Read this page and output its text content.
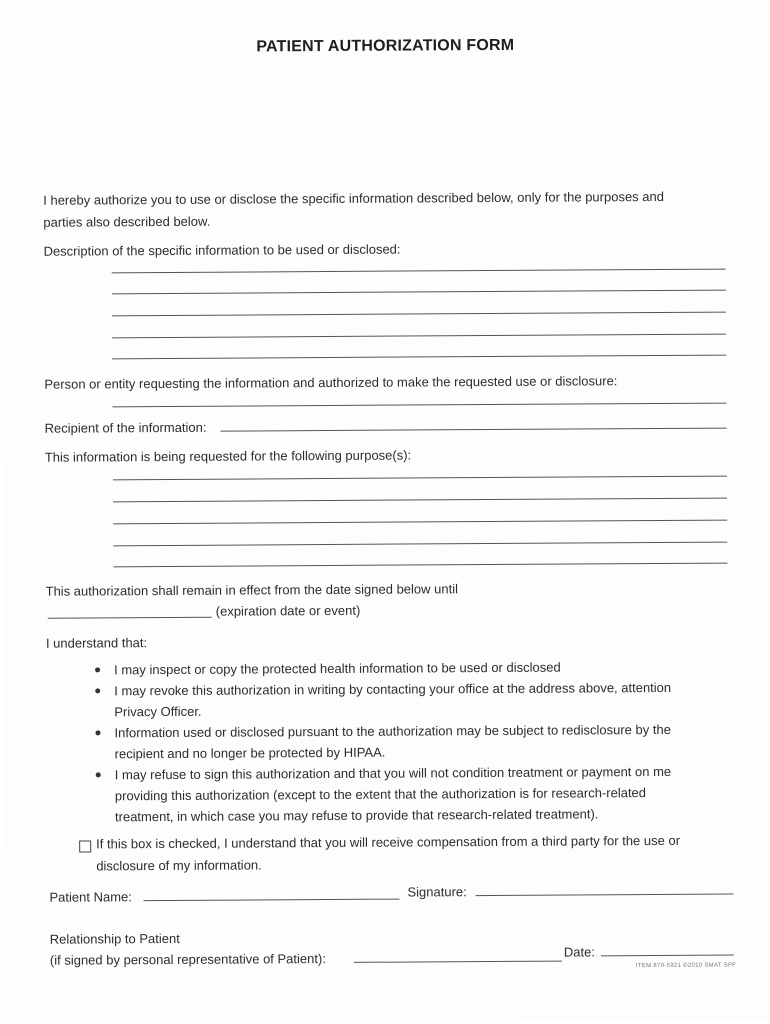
PATIENT AUTHORIZATION FORM
I hereby authorize you to use or disclose the specific information described below, only for the purposes and
parties also described below.
Description of the specific information to be used or disclosed:
Person or entity requesting the information and authorized to make the requested use or disclosure:
Recipient of the information:
This information is being requested for the following purpose(s):
This authorization shall remain in effect from the date signed below until
(expiration date or event)
I understand that:
I may inspect or copy the protected health information to be used or disclosed
I may revoke this authorization in writing by contacting your office at the address above, attention
Privacy Officer.
Information used or disclosed pursuant to the authorization may be subject to redisclosure by the
recipient and no longer be protected by HIPAA.
I may refuse to sign this authorization and that you will not condition treatment or payment on me
providing this authorization (except to the extent that the authorization is for research-related
treatment, in which case you may refuse to provide that research-related treatment).
If this box is checked, I understand that you will receive compensation from a third party for the use or
disclosure of my information.
Patient Name:	Signature:
Relationship to Patient
(if signed by personal representative of Patient):	Date:
ITEM 870-5921 ©2010 SMAT SPF
